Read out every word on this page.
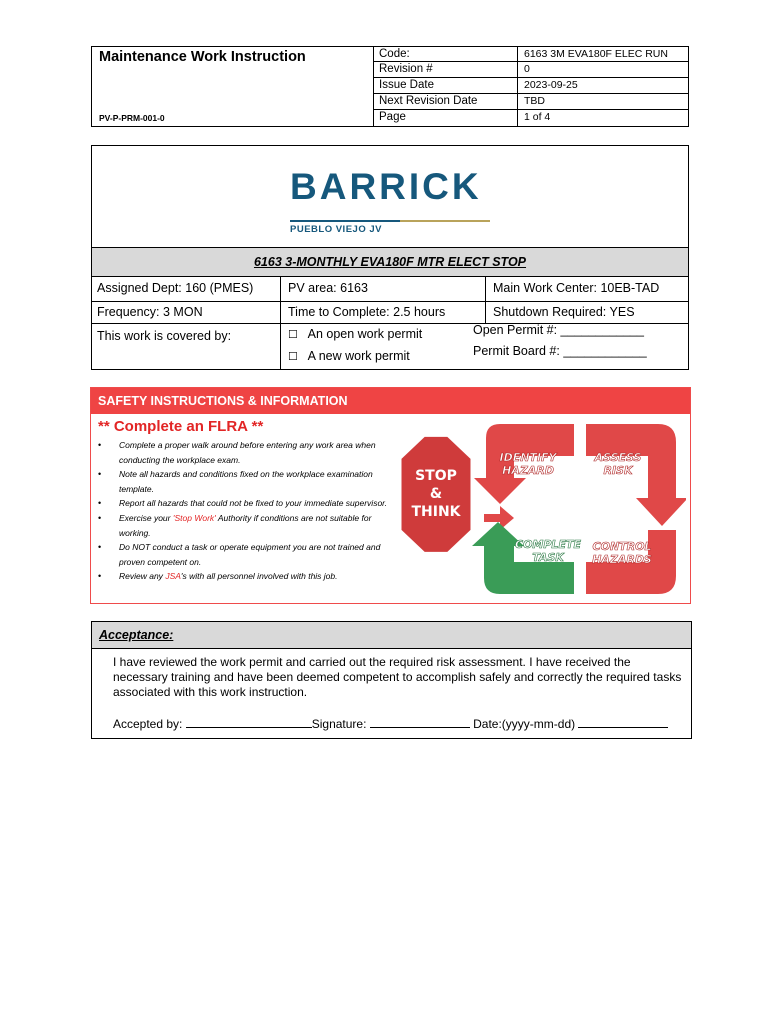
Maintenance Work Instruction
PV-P-PRM-001-0
Code:	6163 3M EVA180F ELEC RUN
Revision #	0
Issue Date	2023-09-25
Next Revision Date	TBD
Page	1 of 4
BARRICK
PUEBLO VIEJO JV
6163 3-MONTHLY EVA180F MTR ELECT STOP
Assigned Dept: 160 (PMES)	PV area: 6163	Main Work Center: 10EB-TAD
Frequency: 3 MON	Time to Complete: 2.5 hours	Shutdown Required: YES
This work is covered by:	☐ An open work permit
☐ A new work permit
Open Permit #: ____________
Permit Board #: ____________
SAFETY INSTRUCTIONS & INFORMATION
** Complete an FLRA **
• Complete a proper walk around before entering any work area when conducting the workplace exam.
• Note all hazards and conditions fixed on the workplace examination template.
• Report all hazards that could not be fixed to your immediate supervisor.
• Exercise your 'Stop Work' Authority if conditions are not suitable for working.
• Do NOT conduct a task or operate equipment you are not trained and proven competent on.
• Review any JSA's with all personnel involved with this job.
STOP
&
THINK
IDENTIFY
HAZARD
ASSESS
RISK
COMPLETE
TASK
CONTROL
HAZARDS
Acceptance:
I have reviewed the work permit and carried out the required risk assessment. I have received the necessary training and have been deemed competent to accomplish safely and correctly the required tasks associated with this work instruction.
Accepted by:	Signature:	Date:(yyyy-mm-dd)
